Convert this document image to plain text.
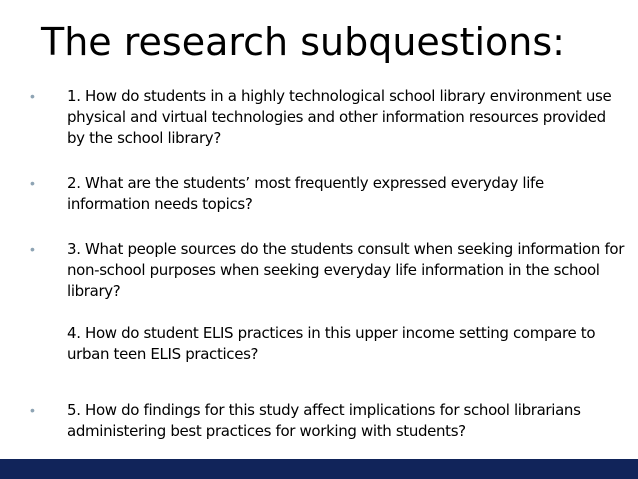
The research subquestions:
•	1. How do students in a highly technological school library environment use physical and virtual technologies and other information resources provided by the school library?
•	2. What are the students’ most frequently expressed everyday life information needs topics?
•	3. What people sources do the students consult when seeking information for non-school purposes when seeking everyday life information in the school library?
4. How do student ELIS practices in this upper income setting compare to urban teen ELIS practices?
•	5. How do findings for this study affect implications for school librarians administering best practices for working with students?
